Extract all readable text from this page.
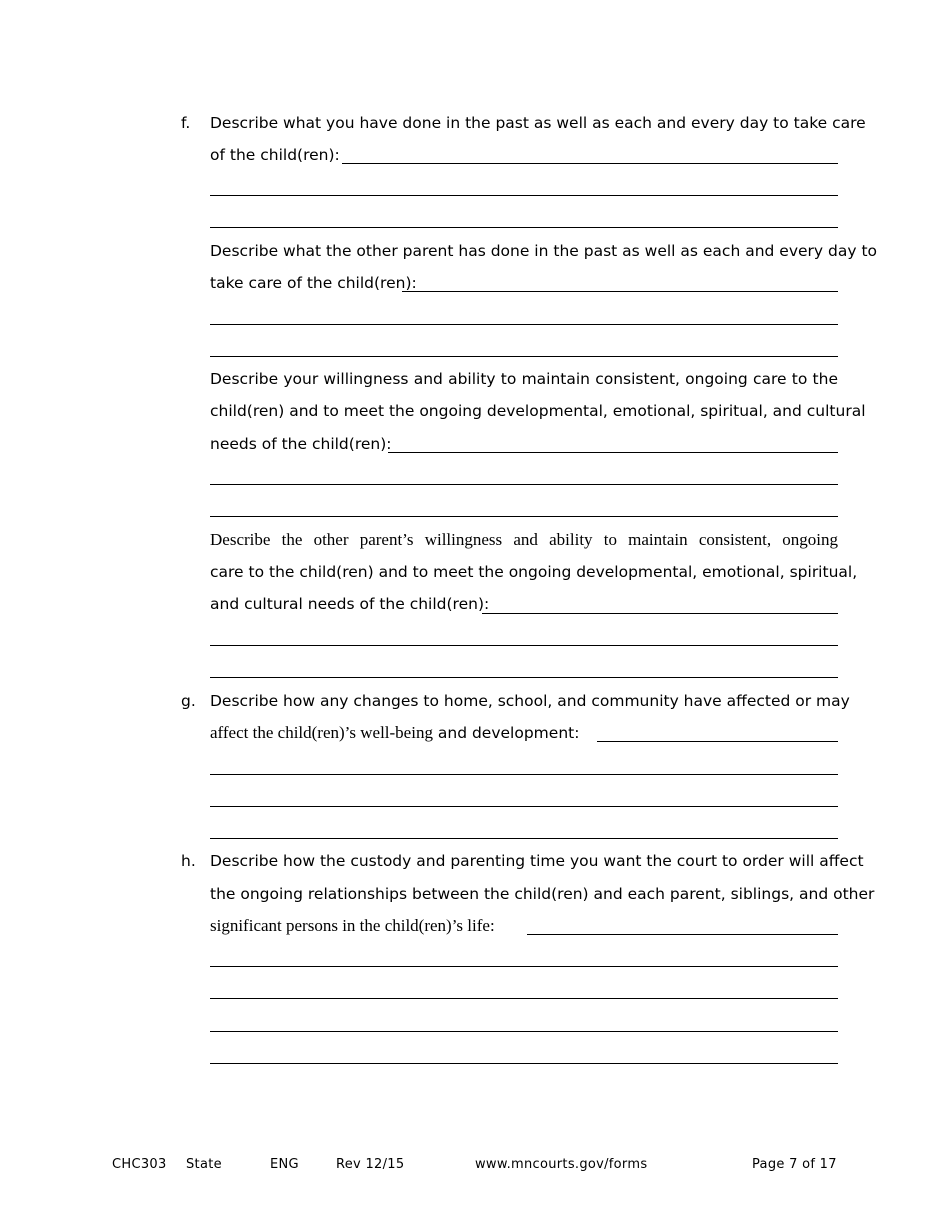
f. Describe what you have done in the past as well as each and every day to take care
of the child(ren):
Describe what the other parent has done in the past as well as each and every day to
take care of the child(ren):
Describe your willingness and ability to maintain consistent, ongoing care to the
child(ren) and to meet the ongoing developmental, emotional, spiritual, and cultural
needs of the child(ren):
Describe the other parent’s willingness and ability to maintain consistent, ongoing
care to the child(ren) and to meet the ongoing developmental, emotional, spiritual,
and cultural needs of the child(ren):
g. Describe how any changes to home, school, and community have affected or may
affect the child(ren)’s well-being and development:
h. Describe how the custody and parenting time you want the court to order will affect
the ongoing relationships between the child(ren) and each parent, siblings, and other
significant persons in the child(ren)’s life:
CHC303 State	ENG	Rev 12/15	www.mncourts.gov/forms	Page 7 of 17
